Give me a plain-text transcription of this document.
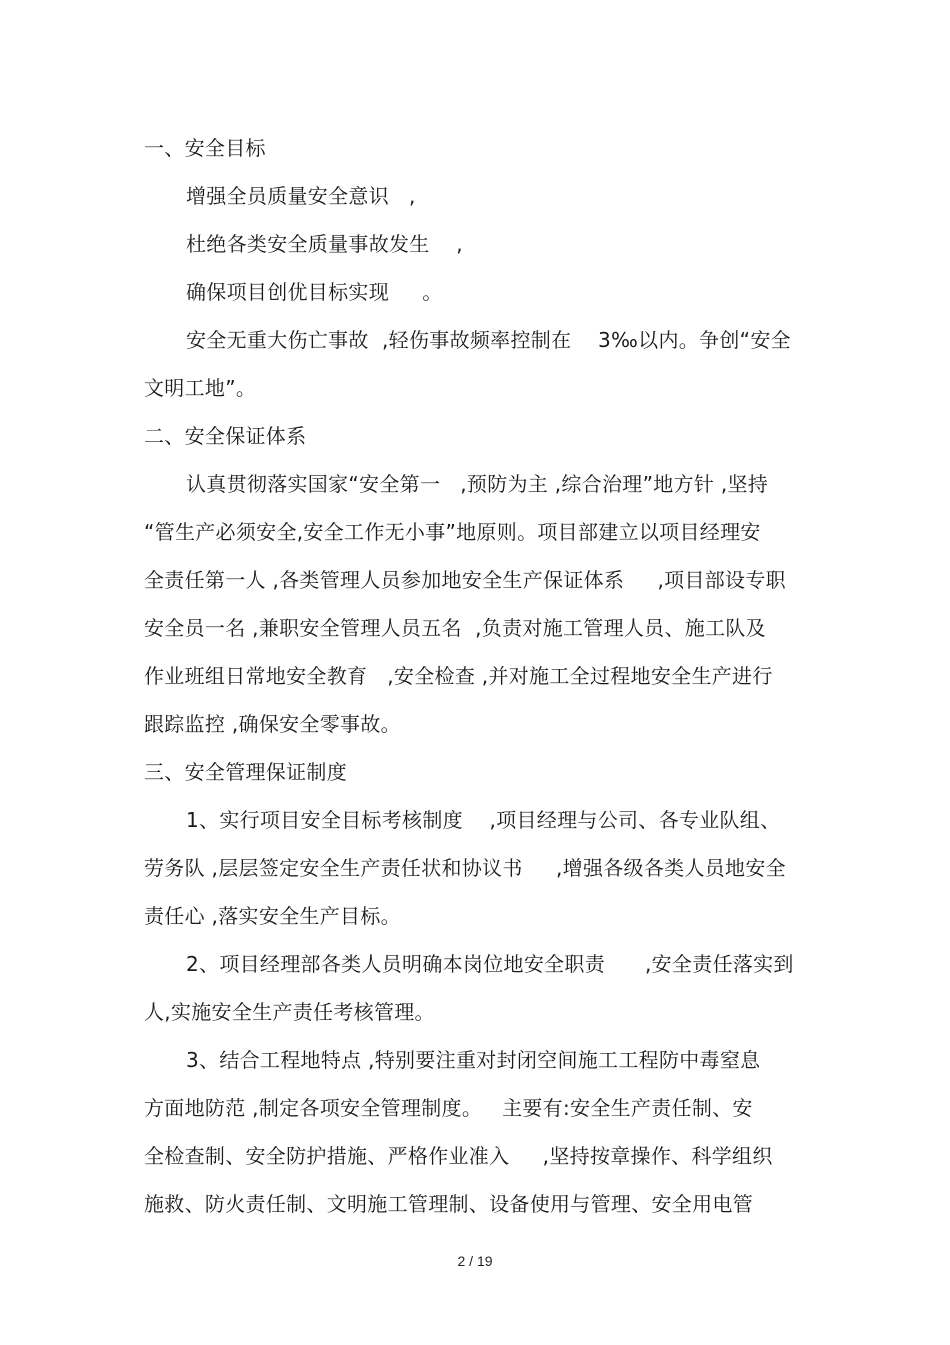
一、安全目标
增强全员质量安全意识   ,
杜绝各类安全质量事故发生    ,
确保项目创优目标实现     。
安全无重大伤亡事故  ,轻伤事故频率控制在    3‰以内。争创“安全
文明工地”。
二、安全保证体系
认真贯彻落实国家“安全第一   ,预防为主 ,综合治理”地方针 ,坚持
“管生产必须安全,安全工作无小事”地原则。项目部建立以项目经理安
全责任第一人 ,各类管理人员参加地安全生产保证体系     ,项目部设专职
安全员一名 ,兼职安全管理人员五名  ,负责对施工管理人员、施工队及
作业班组日常地安全教育   ,安全检查 ,并对施工全过程地安全生产进行
跟踪监控 ,确保安全零事故。
三、安全管理保证制度
1、实行项目安全目标考核制度    ,项目经理与公司、各专业队组、
劳务队 ,层层签定安全生产责任状和协议书     ,增强各级各类人员地安全
责任心 ,落实安全生产目标。
2、项目经理部各类人员明确本岗位地安全职责      ,安全责任落实到
人,实施安全生产责任考核管理。
3、结合工程地特点 ,特别要注重对封闭空间施工工程防中毒窒息
方面地防范 ,制定各项安全管理制度。   主要有:安全生产责任制、安
全检查制、安全防护措施、严格作业准入     ,坚持按章操作、科学组织
施救、防火责任制、文明施工管理制、设备使用与管理、安全用电管
2 / 19
